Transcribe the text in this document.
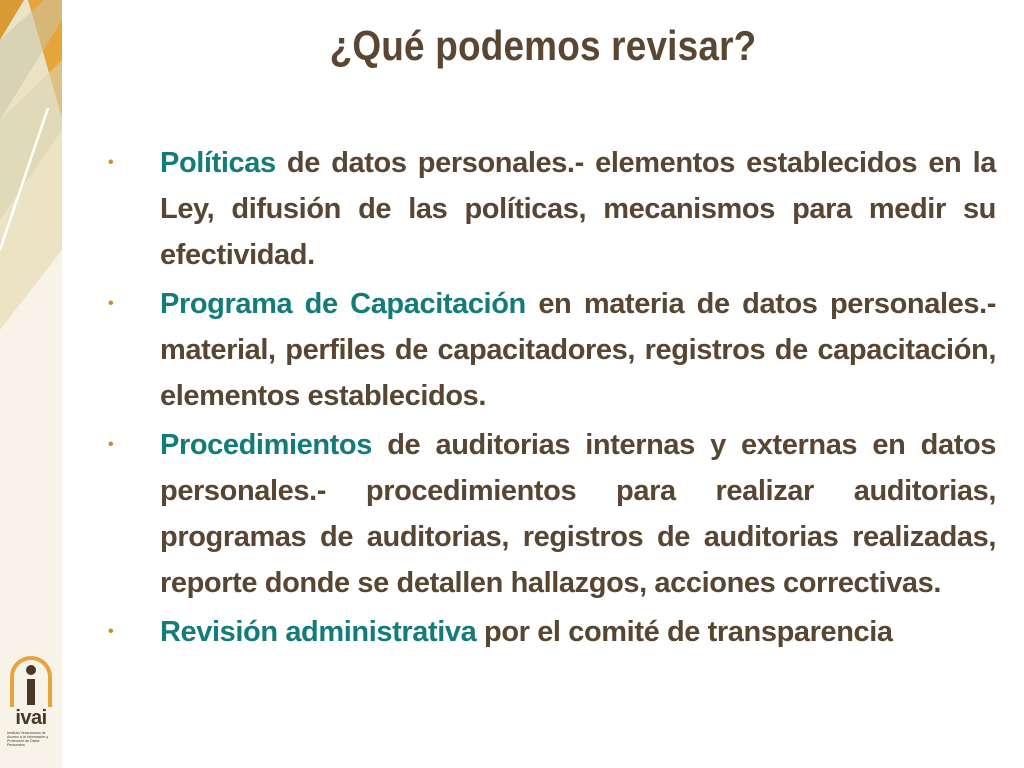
¿Qué podemos revisar?
• Políticas de datos personales.- elementos establecidos en la Ley, difusión de las políticas, mecanismos para medir su efectividad.
• Programa de Capacitación en materia de datos personales.- material, perfiles de capacitadores, registros de capacitación, elementos establecidos.
• Procedimientos de auditorias internas y externas en datos personales.- procedimientos para realizar auditorias, programas de auditorias, registros de auditorias realizadas, reporte donde se detallen hallazgos, acciones correctivas.
• Revisión administrativa por el comité de transparencia
ivai
Instituto Veracruzano de Acceso a la Información y Protección de Datos Personales
